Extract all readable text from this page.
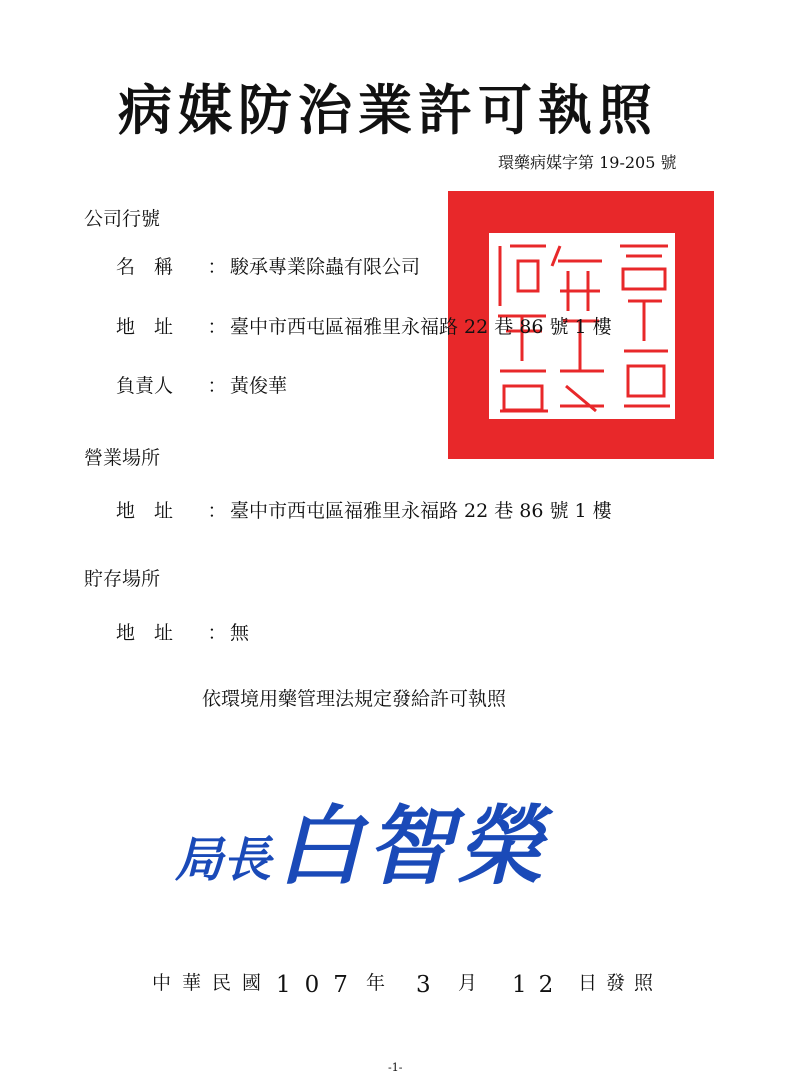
病媒防治業許可執照
環藥病媒字第 19-205 號
公司行號
名　稱	： 駿承專業除蟲有限公司
地　址	： 臺中市西屯區福雅里永福路 22 巷 86 號 1 樓
負責人	： 黃俊華
營業場所
地　址	： 臺中市西屯區福雅里永福路 22 巷 86 號 1 樓
貯存場所
地　址	： 無
依環境用藥管理法規定發給許可執照
局長 白智榮
中華民國 107 年	3	月	12 日發照
-1-
